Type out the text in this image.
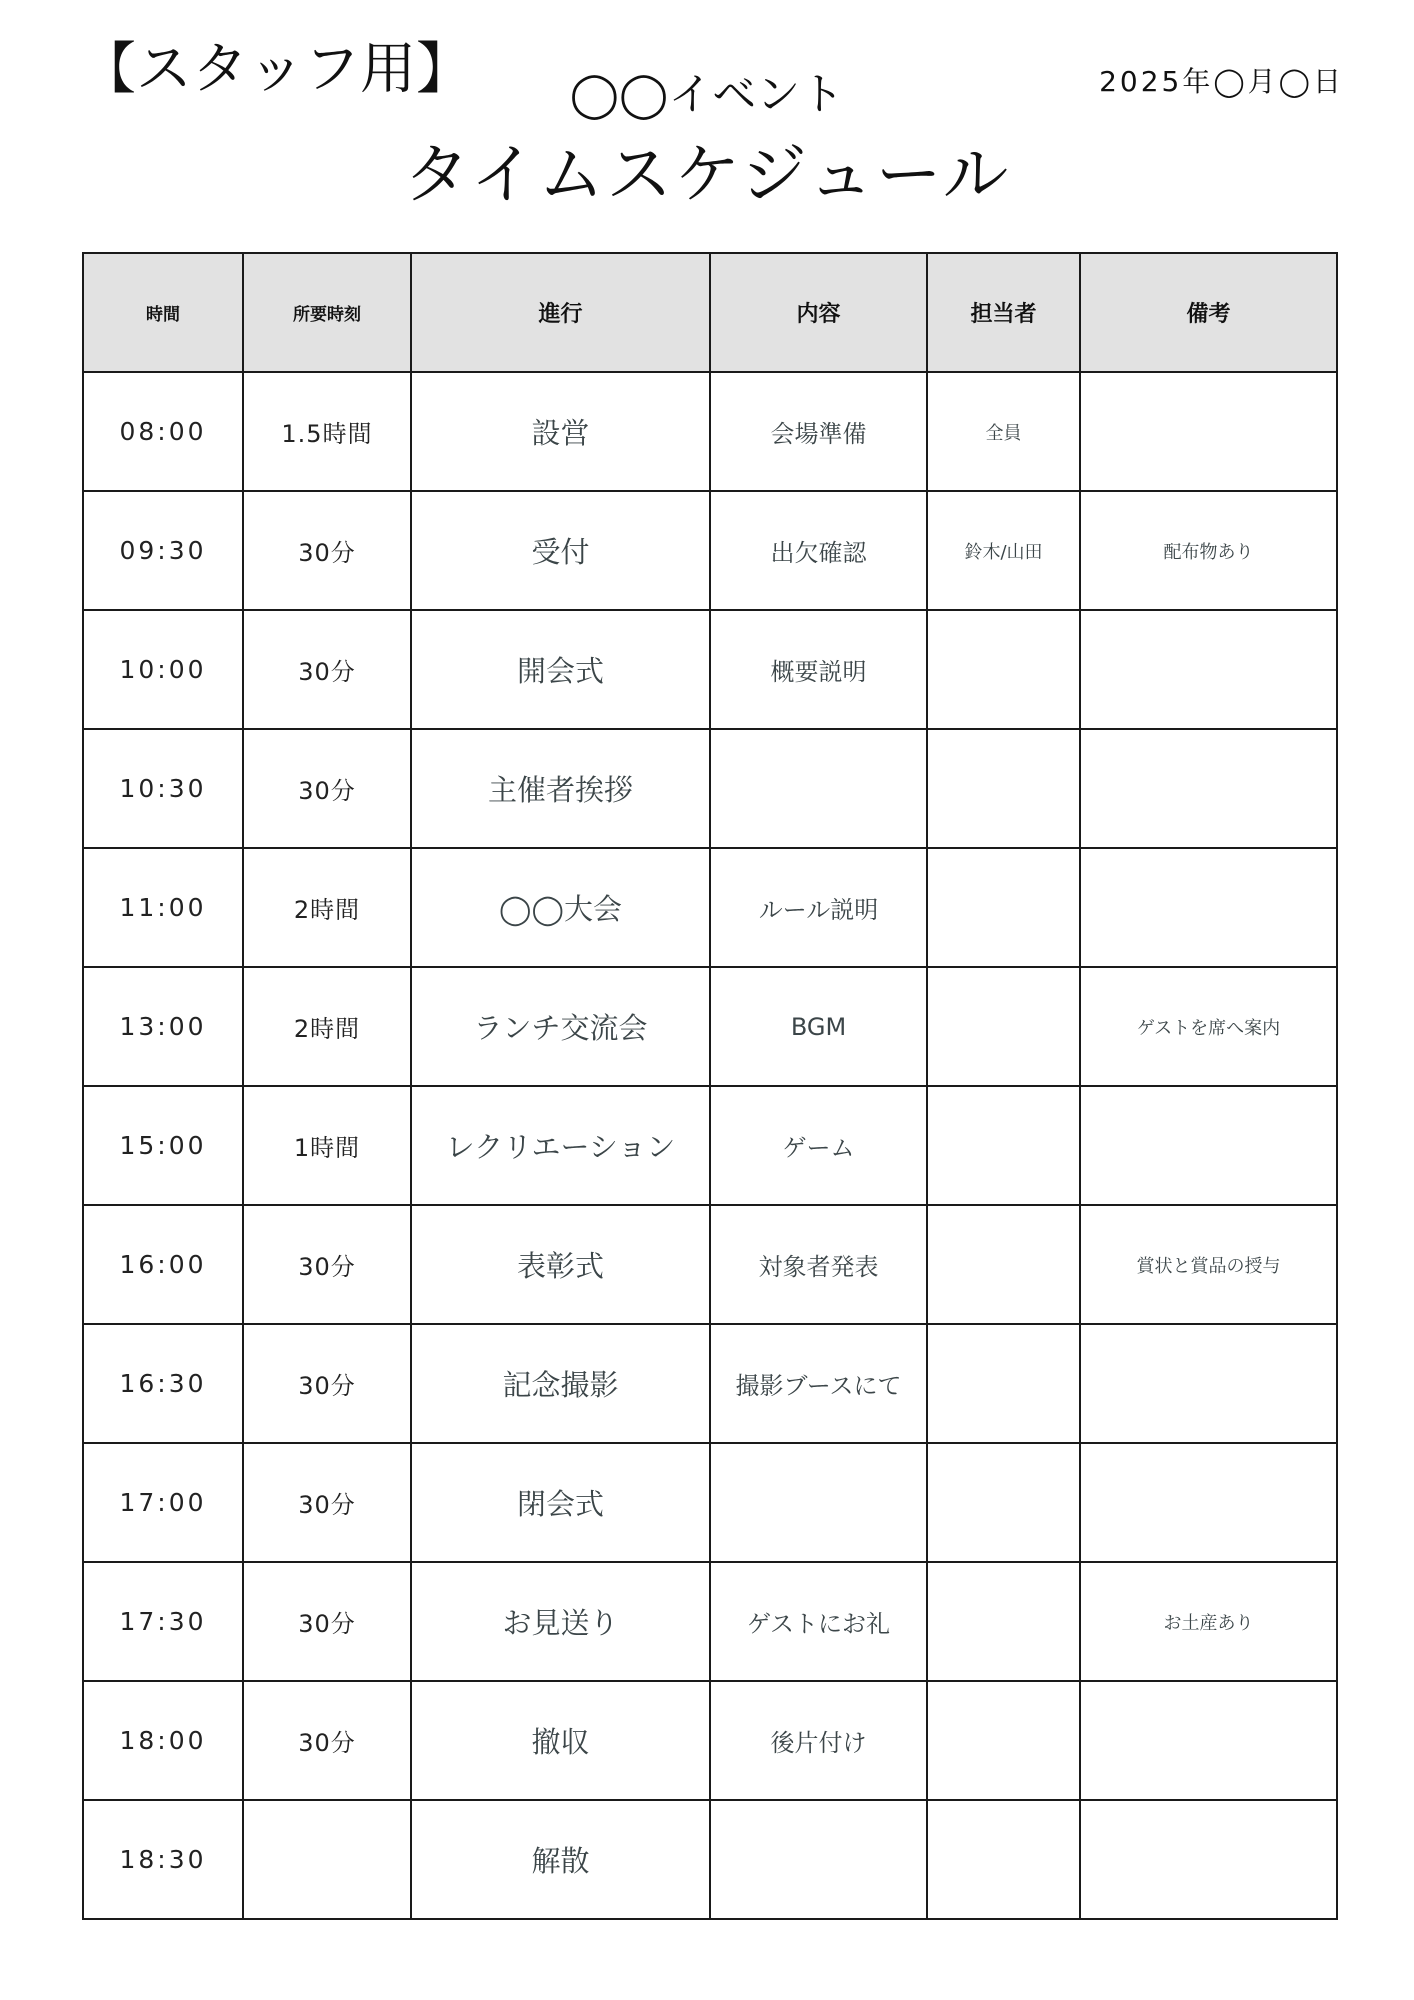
【スタッフ用】	◯◯イベント	2025年◯月◯日
タイムスケジュール
時間	所要時刻	進行	内容	担当者	備考
08:00	1.5時間	設営	会場準備	全員	
09:30	30分	受付	出欠確認	鈴木/山田	配布物あり
10:00	30分	開会式	概要説明		
10:30	30分	主催者挨拶			
11:00	2時間	◯◯大会	ルール説明		
13:00	2時間	ランチ交流会	BGM		ゲストを席へ案内
15:00	1時間	レクリエーション	ゲーム		
16:00	30分	表彰式	対象者発表		賞状と賞品の授与
16:30	30分	記念撮影	撮影ブースにて		
17:00	30分	閉会式			
17:30	30分	お見送り	ゲストにお礼		お土産あり
18:00	30分	撤収	後片付け		
18:30		解散			
